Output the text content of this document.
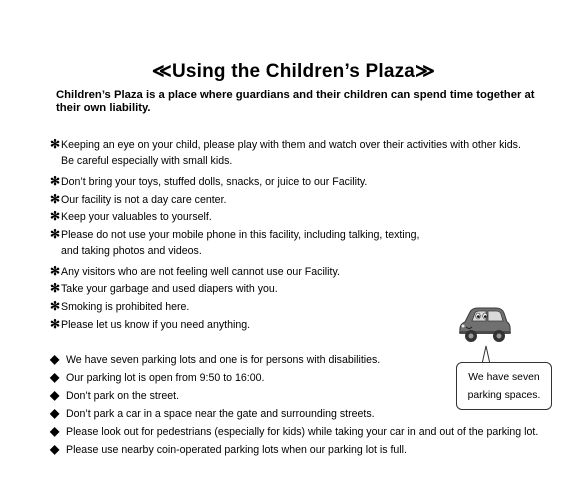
≪Using the Children’s Plaza≫
Children’s Plaza is a place where guardians and their children can spend time together at their own liability.
✻Keeping an eye on your child, please play with them and watch over their activities with other kids.
Be careful especially with small kids.
✻Don’t bring your toys, stuffed dolls, snacks, or juice to our Facility.
✻Our facility is not a day care center.
✻Keep your valuables to yourself.
✻Please do not use your mobile phone in this facility, including talking, texting,
and taking photos and videos.
✻Any visitors who are not feeling well cannot use our Facility.
✻Take your garbage and used diapers with you.
✻Smoking is prohibited here.
✻Please let us know if you need anything.
◆ We have seven parking lots and one is for persons with disabilities.
◆ Our parking lot is open from 9:50 to 16:00.
◆ Don’t park on the street.
◆ Don’t park a car in a space near the gate and surrounding streets.
◆ Please look out for pedestrians (especially for kids) while taking your car in and out of the parking lot.
◆ Please use nearby coin-operated parking lots when our parking lot is full.
We have seven
parking spaces.
